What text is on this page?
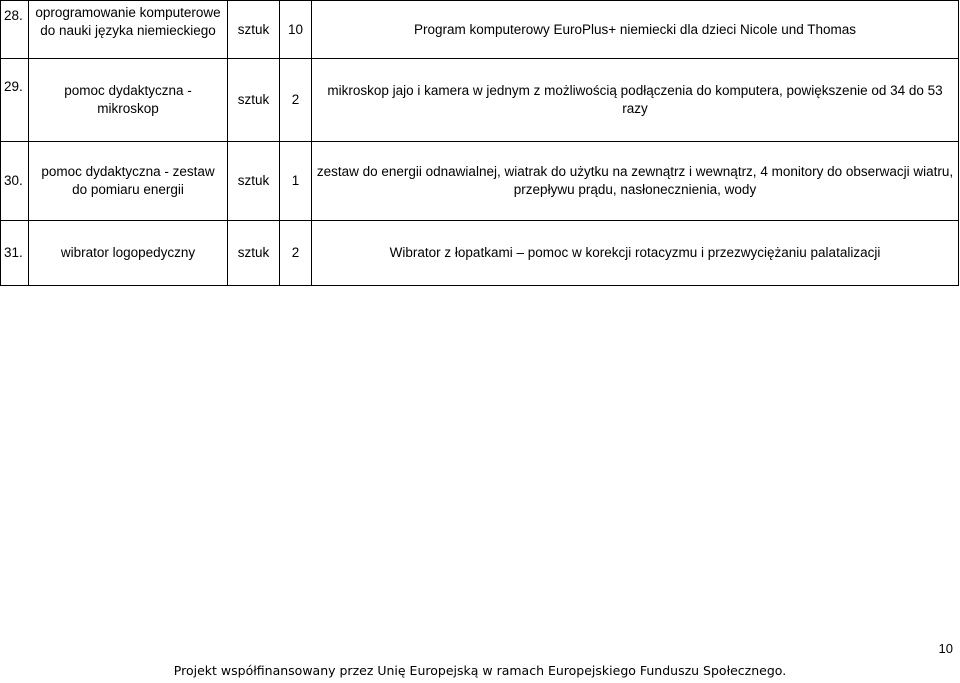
28.	oprogramowanie komputerowe do nauki języka niemieckiego	sztuk	10	Program komputerowy EuroPlus+ niemiecki dla dzieci Nicole und Thomas
29.	pomoc dydaktyczna - mikroskop	sztuk	2	mikroskop jajo i kamera w jednym z możliwością podłączenia do komputera, powiększenie od 34 do 53 razy
30.	pomoc dydaktyczna - zestaw do pomiaru energii	sztuk	1	zestaw do energii odnawialnej, wiatrak do użytku na zewnątrz i wewnątrz, 4 monitory do obserwacji wiatru, przepływu prądu, nasłonecznienia, wody
31.	wibrator logopedyczny	sztuk	2	Wibrator z łopatkami – pomoc w korekcji rotacyzmu i przezwyciężaniu palatalizacji
10
Projekt współfinansowany przez Unię Europejską w ramach Europejskiego Funduszu Społecznego.
